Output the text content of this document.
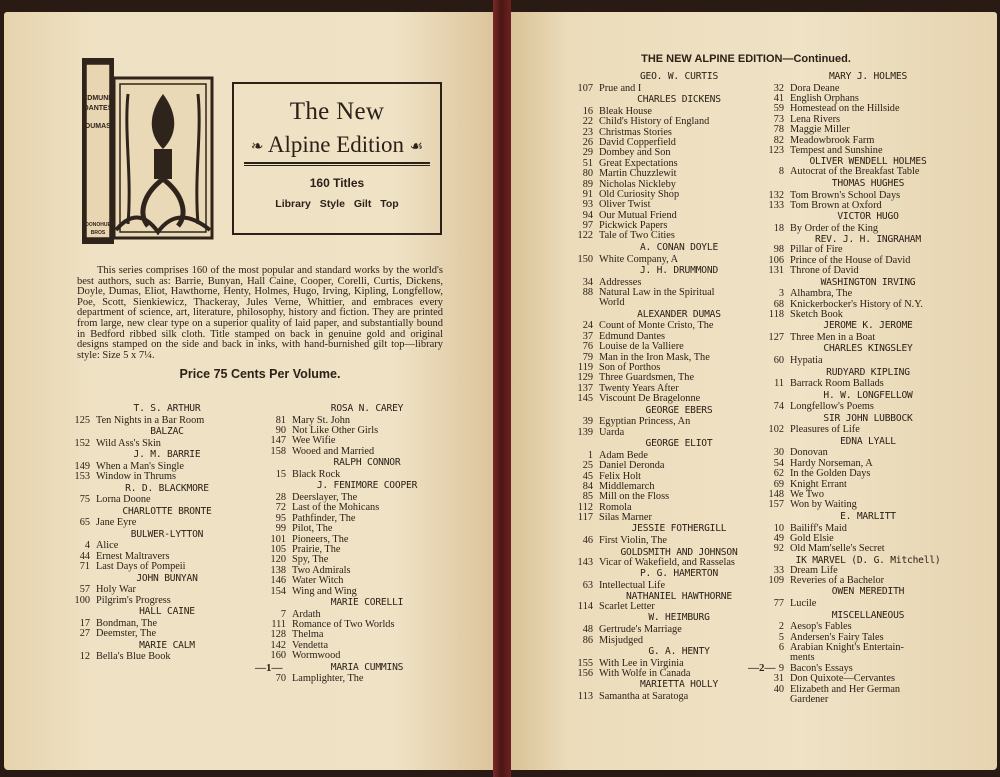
EDMUND
DANTES
DUMAS
DONOHUE
BROS
The New
❧ Alpine Edition ☙
160 Titles
Library Style Gilt Top

This series comprises 160 of the most popular and standard works by the world's best authors, such as: Barrie, Bunyan, Hall Caine, Cooper, Corelli, Curtis, Dickens, Doyle, Dumas, Eliot, Hawthorne, Henty, Holmes, Hugo, Irving, Kipling, Longfellow, Poe, Scott, Sienkiewicz, Thackeray, Jules Verne, Whittier, and embraces every department of science, art, literature, philosophy, history and fiction. They are printed from large, new clear type on a superior quality of laid paper, and substantially bound in Bedford ribbed silk cloth. Title stamped on back in genuine gold and original designs stamped on the side and back in inks, with hand-burnished gilt top—library style: Size 5 x 7¼.

Price 75 Cents Per Volume.
T. S. ARTHUR
125 Ten Nights in a Bar Room
BALZAC
152 Wild Ass's Skin
J. M. BARRIE
149 When a Man's Single
153 Window in Thrums
R. D. BLACKMORE
75 Lorna Doone
CHARLOTTE BRONTE
65 Jane Eyre
BULWER-LYTTON
4 Alice
44 Ernest Maltravers
71 Last Days of Pompeii
JOHN BUNYAN
57 Holy War
100 Pilgrim's Progress
HALL CAINE
17 Bondman, The
27 Deemster, The
MARIE CALM
12 Bella's Blue Book
ROSA N. CAREY
81 Mary St. John
90 Not Like Other Girls
147 Wee Wifie
158 Wooed and Married
RALPH CONNOR
15 Black Rock
J. FENIMORE COOPER
28 Deerslayer, The
72 Last of the Mohicans
95 Pathfinder, The
99 Pilot, The
101 Pioneers, The
105 Prairie, The
120 Spy, The
138 Two Admirals
146 Water Witch
154 Wing and Wing
MARIE CORELLI
7 Ardath
111 Romance of Two Worlds
128 Thelma
142 Vendetta
160 Wormwood
MARIA CUMMINS
70 Lamplighter, The
—1—
THE NEW ALPINE EDITION—Continued.
GEO. W. CURTIS
107 Prue and I
CHARLES DICKENS
16 Bleak House
22 Child's History of England
23 Christmas Stories
26 David Copperfield
29 Dombey and Son
51 Great Expectations
80 Martin Chuzzlewit
89 Nicholas Nickleby
91 Old Curiosity Shop
93 Oliver Twist
94 Our Mutual Friend
97 Pickwick Papers
122 Tale of Two Cities
A. CONAN DOYLE
150 White Company, A
J. H. DRUMMOND
34 Addresses
88 Natural Law in the Spiritual
World
ALEXANDER DUMAS
24 Count of Monte Cristo, The
37 Edmund Dantes
76 Louise de la Valliere
79 Man in the Iron Mask, The
119 Son of Porthos
129 Three Guardsmen, The
137 Twenty Years After
145 Viscount De Bragelonne
GEORGE EBERS
39 Egyptian Princess, An
139 Uarda
GEORGE ELIOT
1 Adam Bede
25 Daniel Deronda
45 Felix Holt
84 Middlemarch
85 Mill on the Floss
112 Romola
117 Silas Marner
JESSIE FOTHERGILL
46 First Violin, The
GOLDSMITH AND JOHNSON
143 Vicar of Wakefield, and Rasselas
P. G. HAMERTON
63 Intellectual Life
NATHANIEL HAWTHORNE
114 Scarlet Letter
W. HEIMBURG
48 Gertrude's Marriage
86 Misjudged
G. A. HENTY
155 With Lee in Virginia
156 With Wolfe in Canada
MARIETTA HOLLY
113 Samantha at Saratoga
MARY J. HOLMES
32 Dora Deane
41 English Orphans
59 Homestead on the Hillside
73 Lena Rivers
78 Maggie Miller
82 Meadowbrook Farm
123 Tempest and Sunshine
OLIVER WENDELL HOLMES
8 Autocrat of the Breakfast Table
THOMAS HUGHES
132 Tom Brown's School Days
133 Tom Brown at Oxford
VICTOR HUGO
18 By Order of the King
REV. J. H. INGRAHAM
98 Pillar of Fire
106 Prince of the House of David
131 Throne of David
WASHINGTON IRVING
3 Alhambra, The
68 Knickerbocker's History of N.Y.
118 Sketch Book
JEROME K. JEROME
127 Three Men in a Boat
CHARLES KINGSLEY
60 Hypatia
RUDYARD KIPLING
11 Barrack Room Ballads
H. W. LONGFELLOW
74 Longfellow's Poems
SIR JOHN LUBBOCK
102 Pleasures of Life
EDNA LYALL
30 Donovan
54 Hardy Norseman, A
62 In the Golden Days
69 Knight Errant
148 We Two
157 Won by Waiting
E. MARLITT
10 Bailiff's Maid
49 Gold Elsie
92 Old Mam'selle's Secret
IK MARVEL (D. G. Mitchell)
33 Dream Life
109 Reveries of a Bachelor
OWEN MEREDITH
77 Lucile
MISCELLANEOUS
2 Aesop's Fables
5 Andersen's Fairy Tales
6 Arabian Knight's Entertain-
ments
9 Bacon's Essays
31 Don Quixote—Cervantes
40 Elizabeth and Her German
Gardener
—2—
